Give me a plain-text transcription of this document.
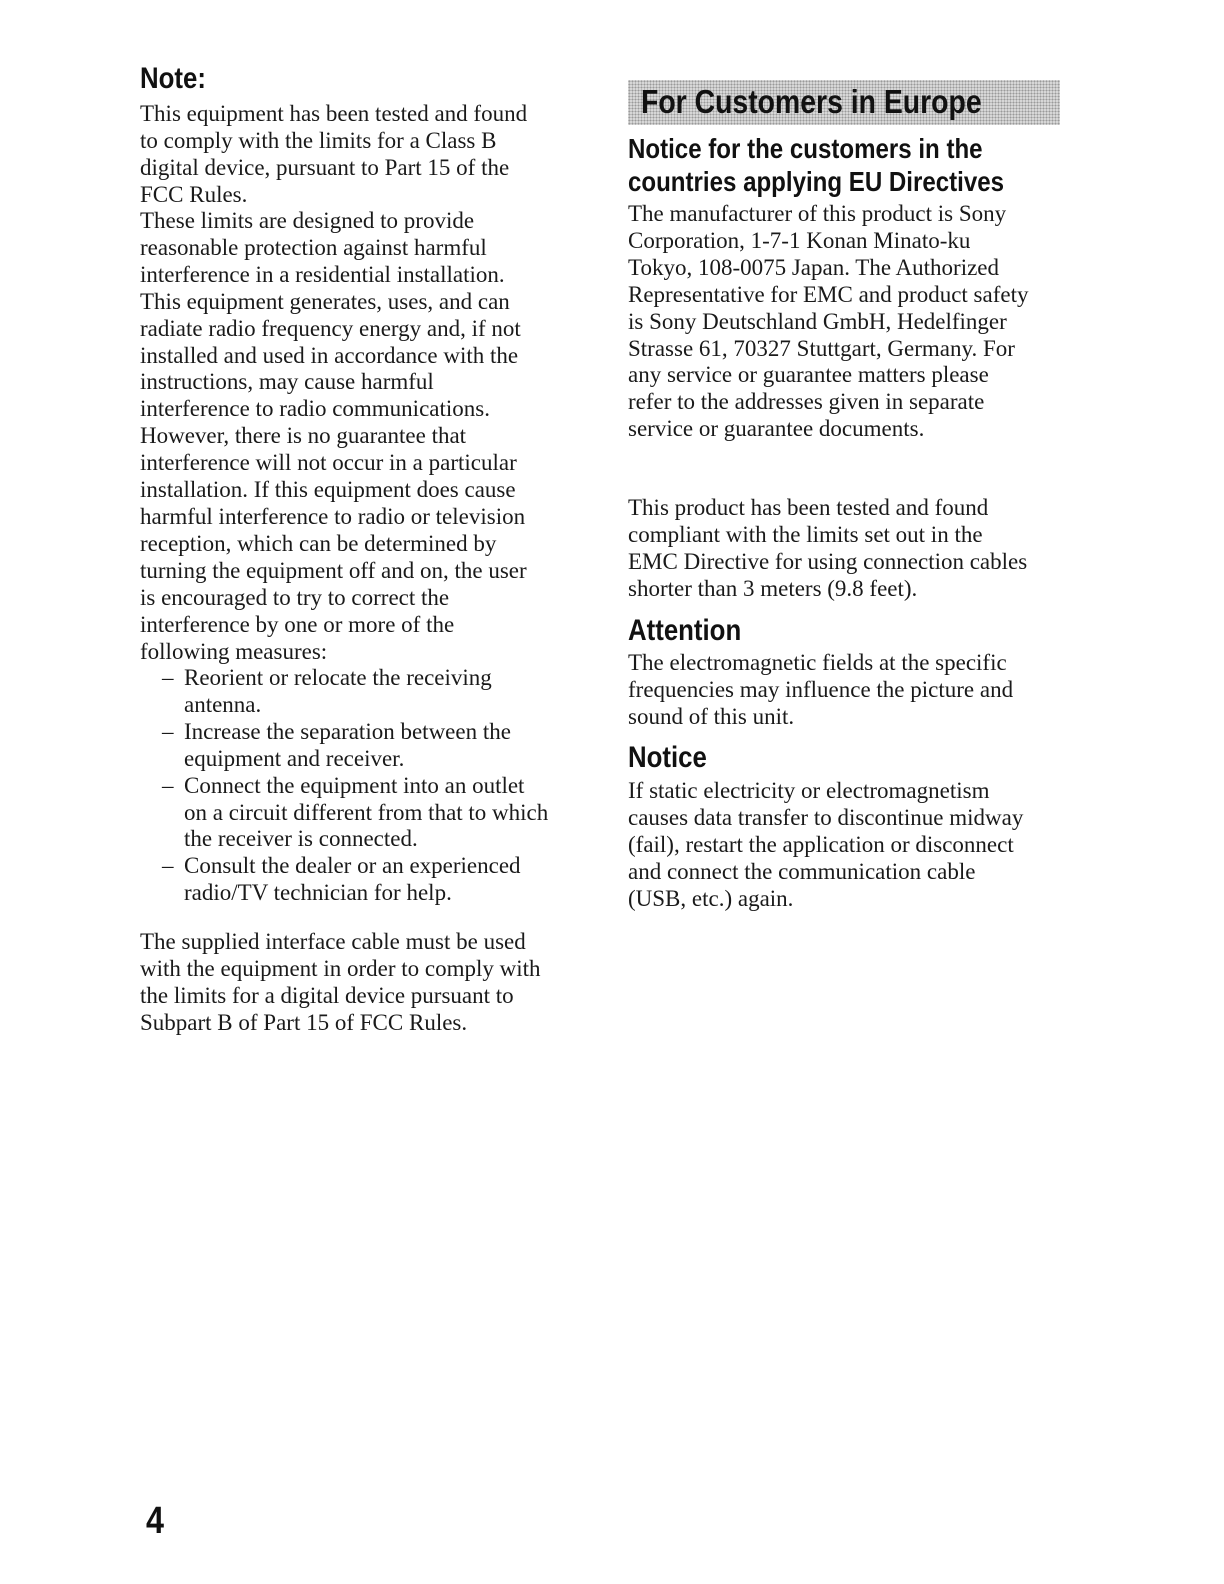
Note:

This equipment has been tested and found

to comply with the limits for a Class B

digital device, pursuant to Part 15 of the

FCC Rules.

These limits are designed to provide

reasonable protection against harmful

interference in a residential installation.

This equipment generates, uses, and can

radiate radio frequency energy and, if not

installed and used in accordance with the

instructions, may cause harmful

interference to radio communications.

However, there is no guarantee that

interference will not occur in a particular

installation. If this equipment does cause

harmful interference to radio or television

reception, which can be determined by

turning the equipment off and on, the user

is encouraged to try to correct the

interference by one or more of the

following measures:

– Reorient or relocate the receiving
antenna.
– Increase the separation between the
equipment and receiver.
– Connect the equipment into an outlet
on a circuit different from that to which
the receiver is connected.
– Consult the dealer or an experienced
radio/TV technician for help.

The supplied interface cable must be used

with the equipment in order to comply with

the limits for a digital device pursuant to

Subpart B of Part 15 of FCC Rules.

For Customers in Europe
Notice for the customers in the
countries applying EU Directives

The manufacturer of this product is Sony

Corporation, 1-7-1 Konan Minato-ku

Tokyo, 108-0075 Japan. The Authorized

Representative for EMC and product safety

is Sony Deutschland GmbH, Hedelfinger

Strasse 61, 70327 Stuttgart, Germany. For

any service or guarantee matters please

refer to the addresses given in separate

service or guarantee documents.

This product has been tested and found

compliant with the limits set out in the

EMC Directive for using connection cables

shorter than 3 meters (9.8 feet).

Attention

The electromagnetic fields at the specific

frequencies may influence the picture and

sound of this unit.

Notice

If static electricity or electromagnetism

causes data transfer to discontinue midway

(fail), restart the application or disconnect

and connect the communication cable

(USB, etc.) again.

4
